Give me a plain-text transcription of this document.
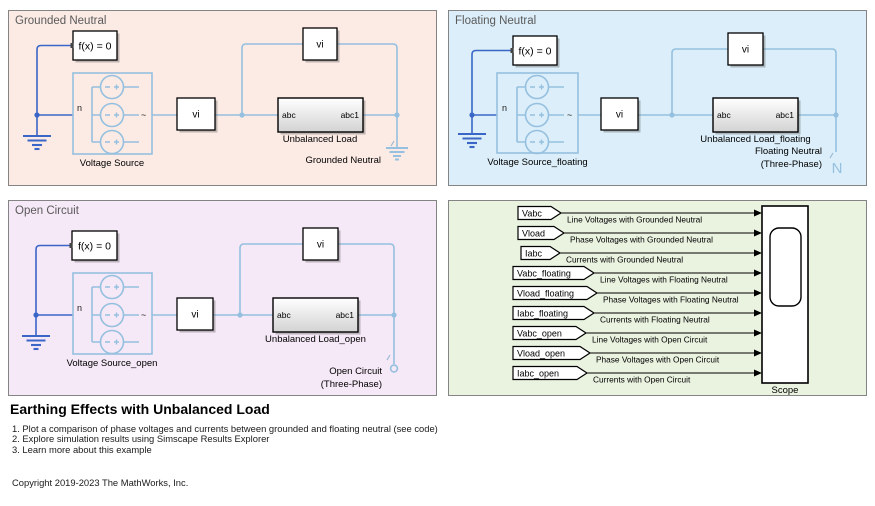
Grounded Neutral
n
~
Voltage Source
f(x) = 0
vi
vi
abc	abc1
Unbalanced Load
Grounded Neutral
Floating Neutral
n
~
Voltage Source_floating
f(x) = 0
vi
vi
abc	abc1
Unbalanced Load_floating
N
Floating Neutral
(Three-Phase)
Open Circuit
n
~
Voltage Source_open
f(x) = 0
vi
vi
abc	abc1
Unbalanced Load_open
Open Circuit
(Three-Phase)
Vabc
Line Voltages with Grounded Neutral
Vload
Phase Voltages with Grounded Neutral
Iabc
Currents with Grounded Neutral
Vabc_floating
Line Voltages with Floating Neutral
Vload_floating
Phase Voltages with Floating Neutral
Iabc_floating
Currents with Floating Neutral
Vabc_open
Line Voltages with Open Circuit
Vload_open
Phase Voltages with Open Circuit
Iabc_open
Currents with Open Circuit
Scope
Earthing Effects with Unbalanced Load
1. Plot a comparison of phase voltages and currents between grounded and floating neutral (see code)
2. Explore simulation results using Simscape Results Explorer
3. Learn more about this example
Copyright 2019-2023 The MathWorks, Inc.
